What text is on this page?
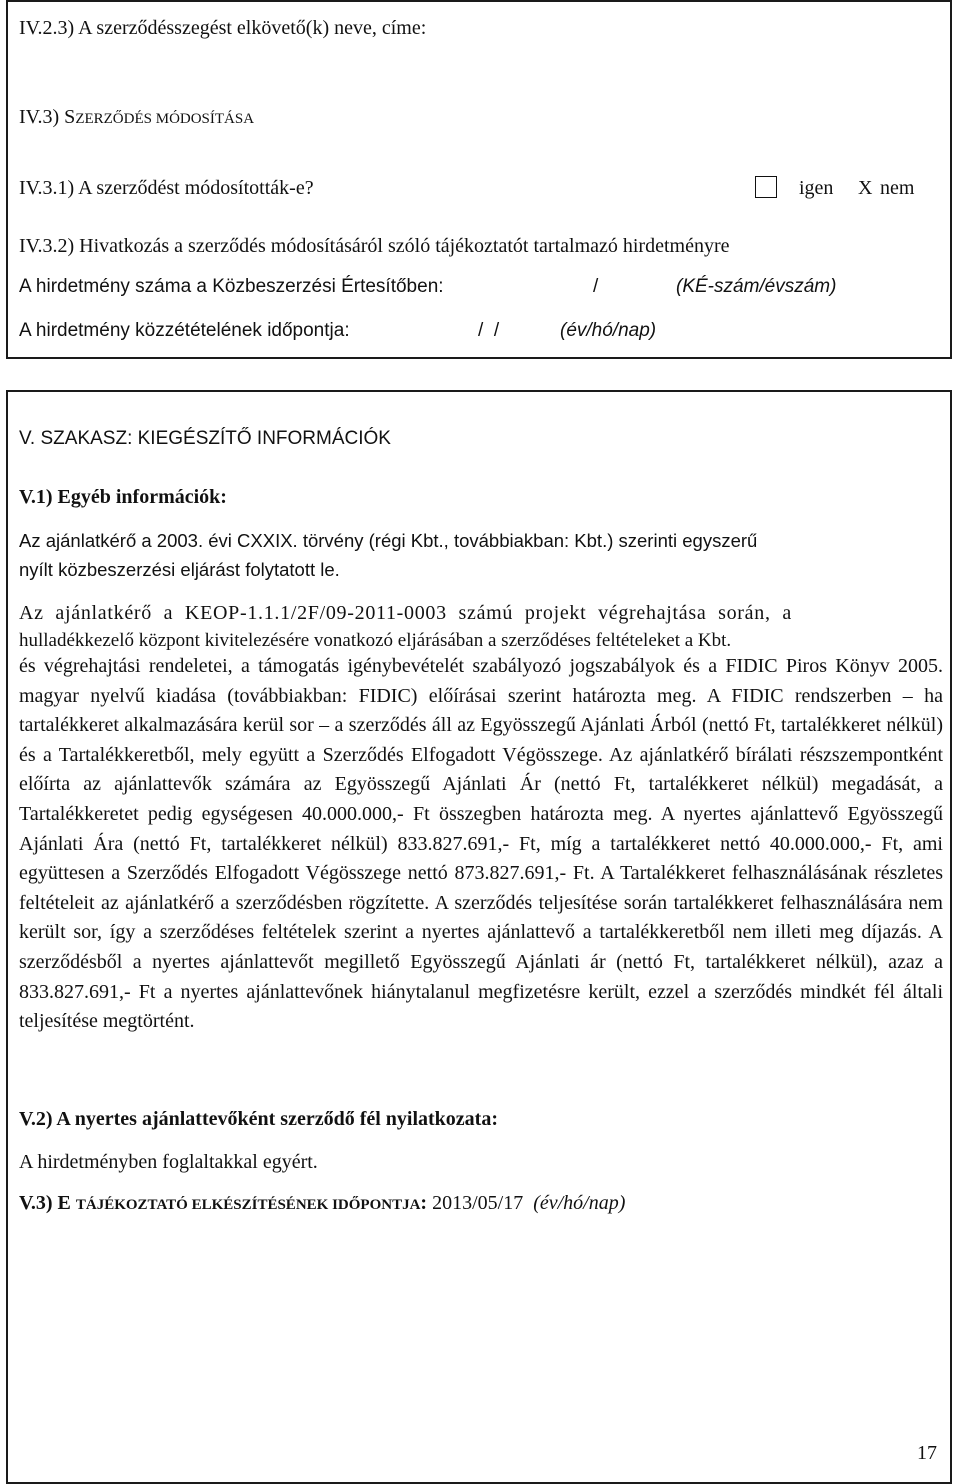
IV.2.3) A szerződésszegést elkövető(k) neve, címe:
IV.3) SZERZŐDÉS MÓDOSÍTÁSA
IV.3.1) A szerződést módosították-e?	igen X nem
IV.3.2) Hivatkozás a szerződés módosításáról szóló tájékoztatót tartalmazó hirdetményre
A hirdetmény száma a Közbeszerzési Értesítőben:	/	(KÉ-szám/évszám)
A hirdetmény közzétételének időpontja:	/  /	(év/hó/nap)
V. SZAKASZ: KIEGÉSZÍTŐ INFORMÁCIÓK
V.1) Egyéb információk:
Az ajánlatkérő a 2003. évi CXXIX. törvény (régi Kbt., továbbiakban: Kbt.) szerinti egyszerű
nyílt közbeszerzési eljárást folytatott le.
Az ajánlatkérő a KEOP-1.1.1/2F/09-2011-0003 számú projekt végrehajtása során, a
hulladékkezelő központ kivitelezésére vonatkozó eljárásában a szerződéses feltételeket a Kbt.
és végrehajtási rendeletei, a támogatás igénybevételét szabályozó jogszabályok és a FIDIC Piros Könyv 2005. magyar nyelvű kiadása (továbbiakban: FIDIC) előírásai szerint határozta meg. A FIDIC rendszerben – ha tartalékkeret alkalmazására kerül sor – a szerződés áll az Egyösszegű Ajánlati Árból (nettó Ft, tartalékkeret nélkül) és a Tartalékkeretből, mely együtt a Szerződés Elfogadott Végösszege. Az ajánlatkérő bírálati részszempontként előírta az ajánlattevők számára az Egyösszegű Ajánlati Ár (nettó Ft, tartalékkeret nélkül) megadását, a Tartalékkeretet pedig egységesen 40.000.000,- Ft összegben határozta meg. A nyertes ajánlattevő Egyösszegű Ajánlati Ára (nettó Ft, tartalékkeret nélkül) 833.827.691,- Ft, míg a tartalékkeret nettó 40.000.000,- Ft, ami együttesen a Szerződés Elfogadott Végösszege nettó 873.827.691,- Ft. A Tartalékkeret felhasználásának részletes feltételeit az ajánlatkérő a szerződésben rögzítette. A szerződés teljesítése során tartalékkeret felhasználására nem került sor, így a szerződéses feltételek szerint a nyertes ajánlattevő a tartalékkeretből nem illeti meg díjazás. A szerződésből a nyertes ajánlattevőt megillető Egyösszegű Ajánlati ár (nettó Ft, tartalékkeret nélkül), azaz a 833.827.691,- Ft a nyertes ajánlattevőnek hiánytalanul megfizetésre került, ezzel a szerződés mindkét fél általi teljesítése megtörtént.
V.2) A nyertes ajánlattevőként szerződő fél nyilatkozata:
A hirdetményben foglaltakkal egyért.
V.3) E TÁJÉKOZTATÓ ELKÉSZÍTÉSÉNEK IDŐPONTJA: 2013/05/17 (év/hó/nap)
17
